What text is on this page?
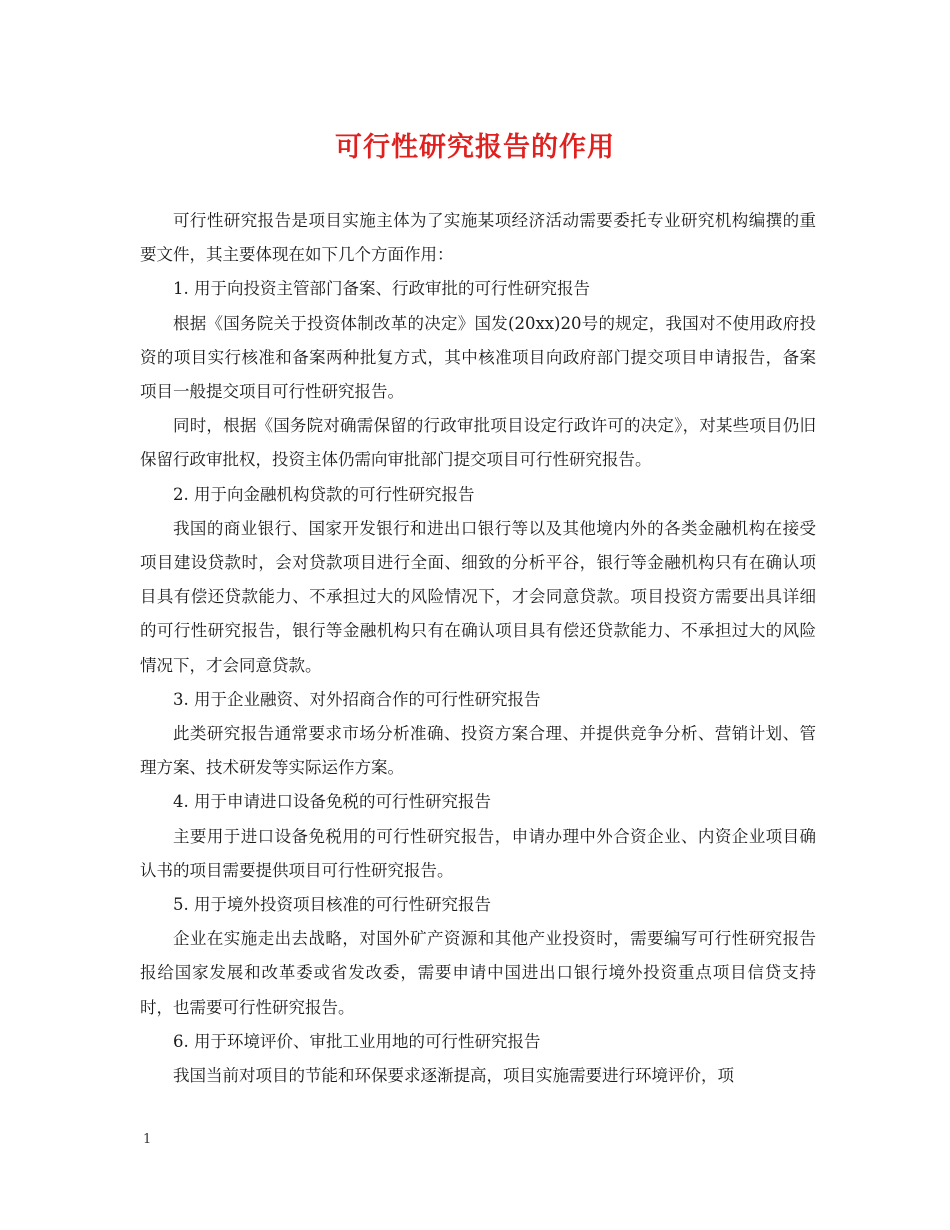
可行性研究报告的作用

可行性研究报告是项目实施主体为了实施某项经济活动需要委托专业研究机构编撰的重要文件，其主要体现在如下几个方面作用：

1. 用于向投资主管部门备案、行政审批的可行性研究报告

根据《国务院关于投资体制改革的决定》国发(20xx)20号的规定，我国对不使用政府投资的项目实行核准和备案两种批复方式，其中核准项目向政府部门提交项目申请报告，备案项目一般提交项目可行性研究报告。

同时，根据《国务院对确需保留的行政审批项目设定行政许可的决定》，对某些项目仍旧保留行政审批权，投资主体仍需向审批部门提交项目可行性研究报告。

2. 用于向金融机构贷款的可行性研究报告

我国的商业银行、国家开发银行和进出口银行等以及其他境内外的各类金融机构在接受项目建设贷款时，会对贷款项目进行全面、细致的分析平谷，银行等金融机构只有在确认项目具有偿还贷款能力、不承担过大的风险情况下，才会同意贷款。项目投资方需要出具详细的可行性研究报告，银行等金融机构只有在确认项目具有偿还贷款能力、不承担过大的风险情况下，才会同意贷款。

3. 用于企业融资、对外招商合作的可行性研究报告

此类研究报告通常要求市场分析准确、投资方案合理、并提供竞争分析、营销计划、管理方案、技术研发等实际运作方案。

4. 用于申请进口设备免税的可行性研究报告

主要用于进口设备免税用的可行性研究报告，申请办理中外合资企业、内资企业项目确认书的项目需要提供项目可行性研究报告。

5. 用于境外投资项目核准的可行性研究报告

企业在实施走出去战略，对国外矿产资源和其他产业投资时，需要编写可行性研究报告报给国家发展和改革委或省发改委，需要申请中国进出口银行境外投资重点项目信贷支持时，也需要可行性研究报告。

6. 用于环境评价、审批工业用地的可行性研究报告

我国当前对项目的节能和环保要求逐渐提高，项目实施需要进行环境评价，项

1
